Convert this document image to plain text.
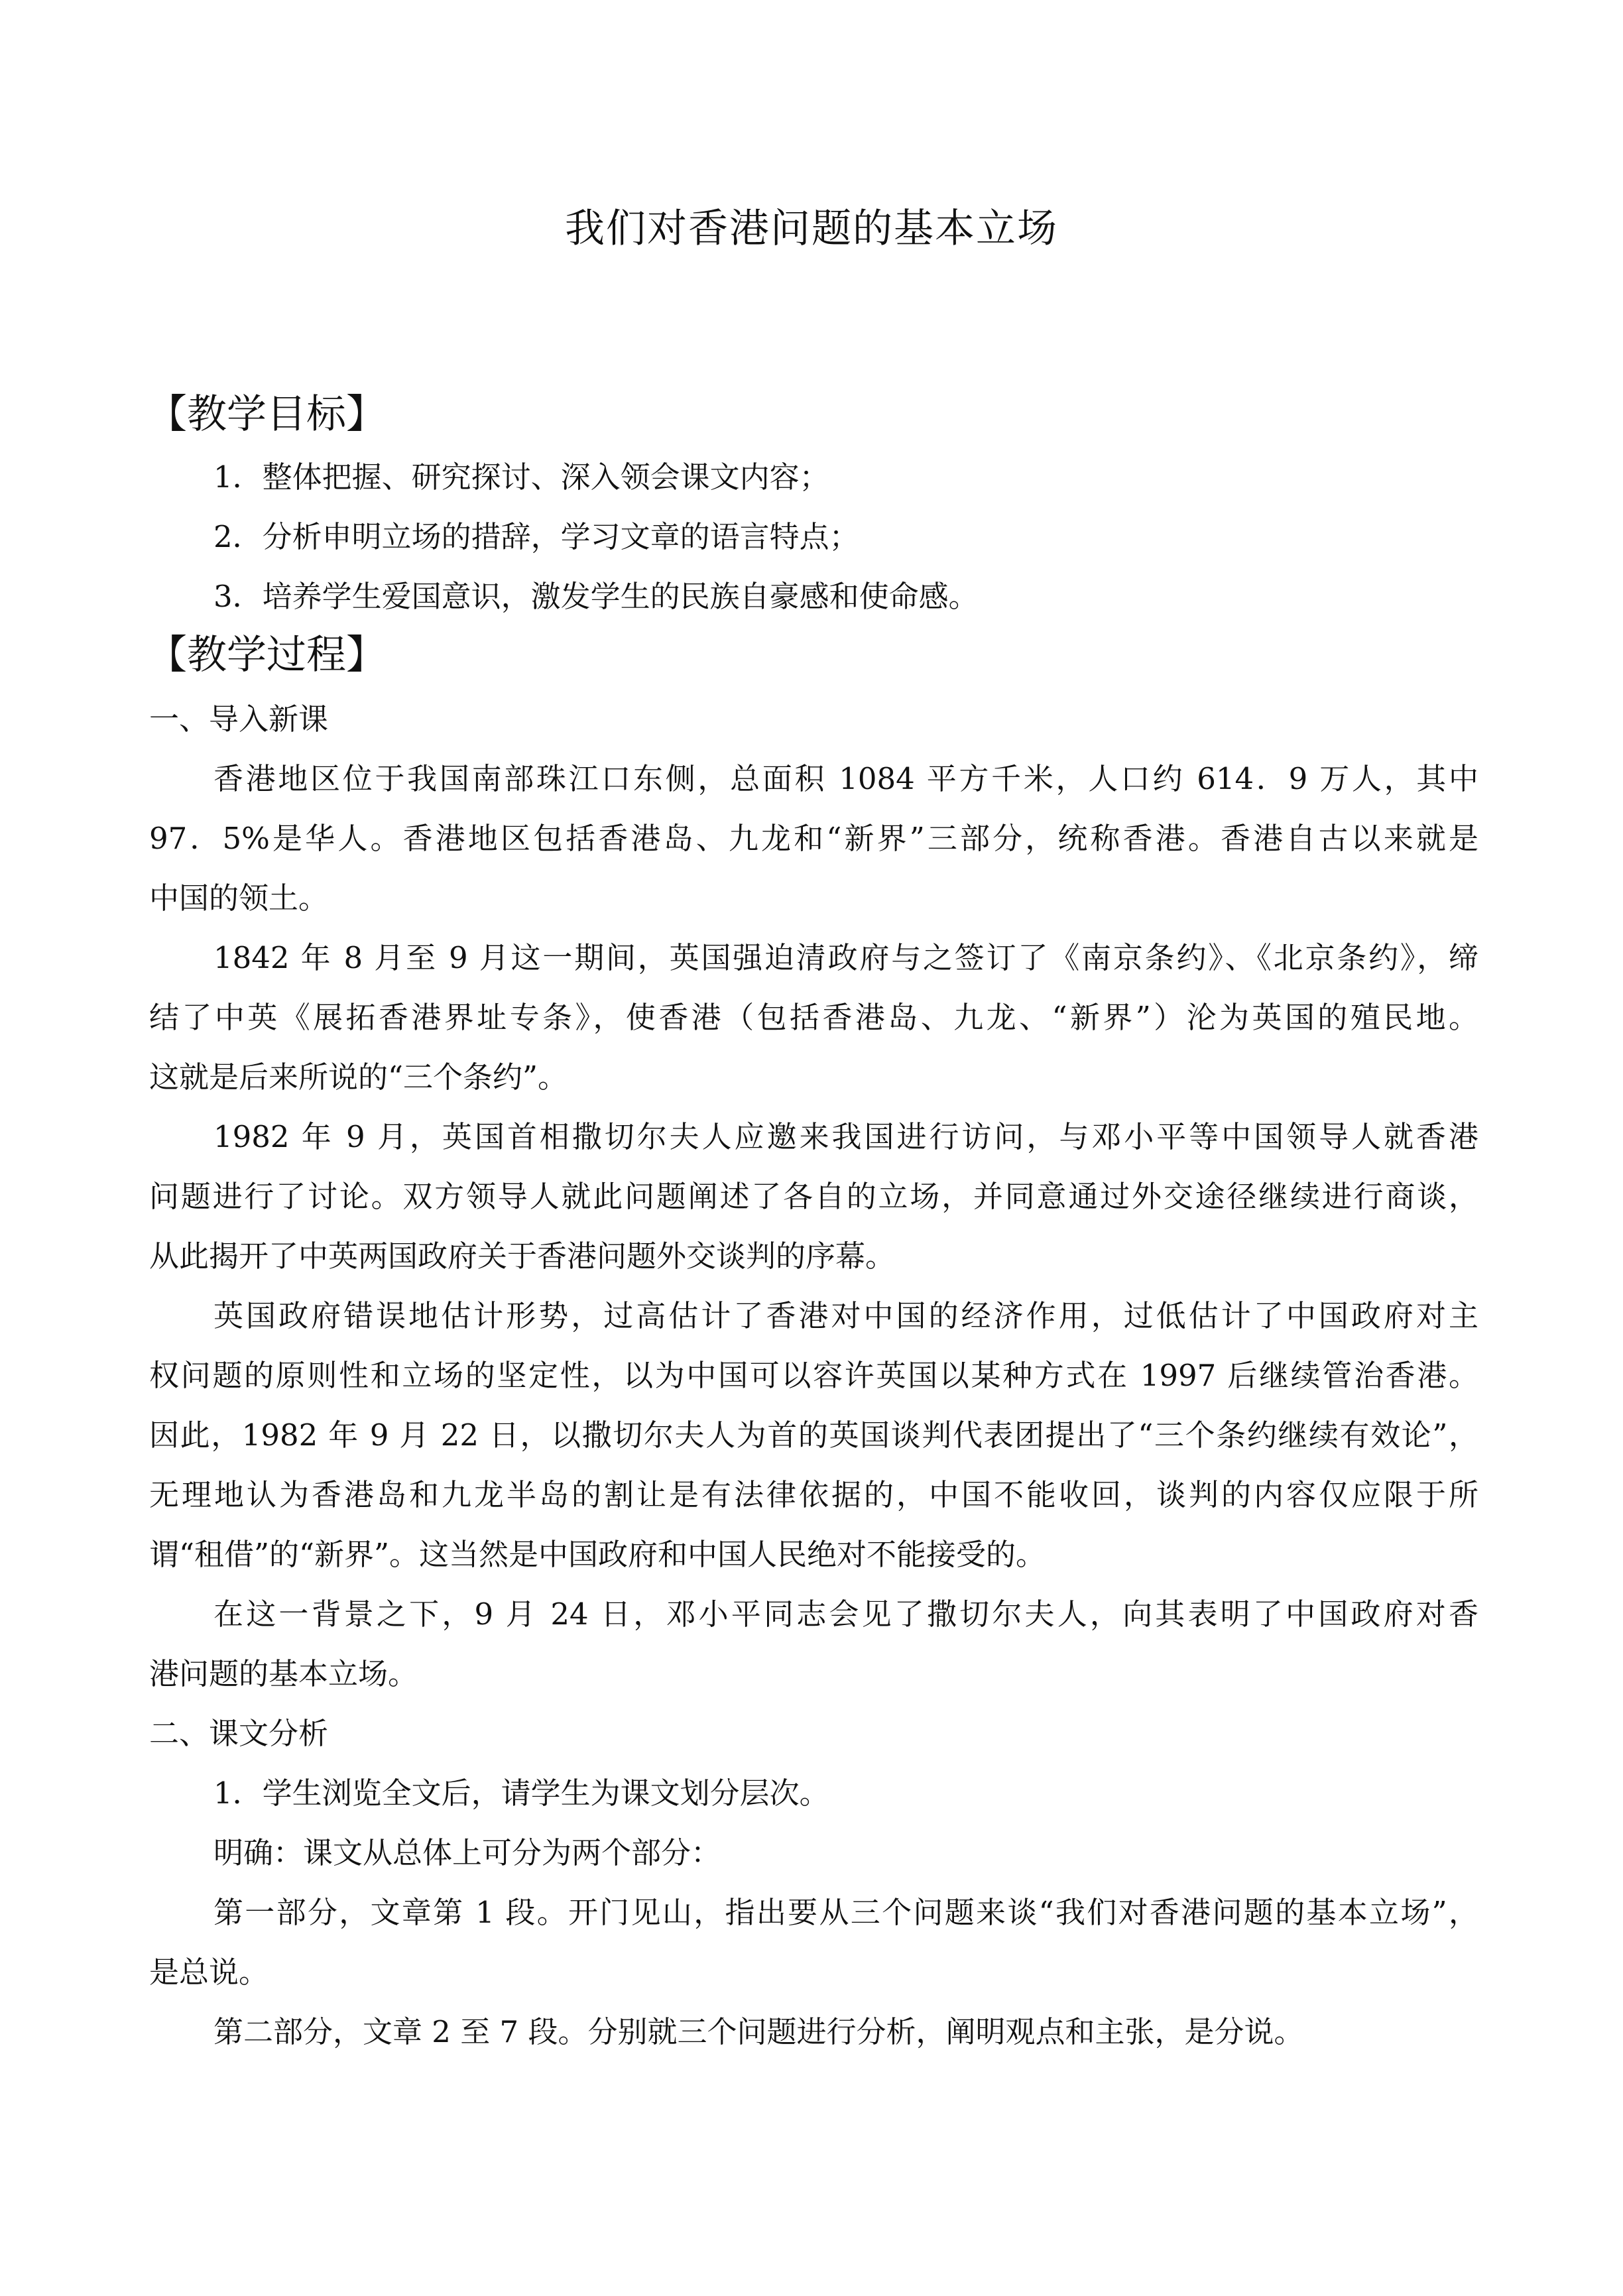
我们对香港问题的基本立场
【教学目标】
1．整体把握、研究探讨、深入领会课文内容；
2．分析申明立场的措辞，学习文章的语言特点；
3．培养学生爱国意识，激发学生的民族自豪感和使命感。
【教学过程】
一、导入新课
香港地区位于我国南部珠江口东侧，总面积 1084 平方千米，人口约 614．9 万人，其中
97．5%是华人。香港地区包括香港岛、九龙和“新界”三部分，统称香港。香港自古以来就是
中国的领土。
1842 年 8 月至 9 月这一期间，英国强迫清政府与之签订了《南京条约》、《北京条约》，缔
结了中英《展拓香港界址专条》，使香港（包括香港岛、九龙、“新界”）沦为英国的殖民地。
这就是后来所说的“三个条约”。
1982 年 9 月，英国首相撒切尔夫人应邀来我国进行访问，与邓小平等中国领导人就香港
问题进行了讨论。双方领导人就此问题阐述了各自的立场，并同意通过外交途径继续进行商谈，
从此揭开了中英两国政府关于香港问题外交谈判的序幕。
英国政府错误地估计形势，过高估计了香港对中国的经济作用，过低估计了中国政府对主
权问题的原则性和立场的坚定性，以为中国可以容许英国以某种方式在 1997 后继续管治香港。
因此，1982 年 9 月 22 日，以撒切尔夫人为首的英国谈判代表团提出了“三个条约继续有效论”，
无理地认为香港岛和九龙半岛的割让是有法律依据的，中国不能收回，谈判的内容仅应限于所
谓“租借”的“新界”。这当然是中国政府和中国人民绝对不能接受的。
在这一背景之下，9 月 24 日，邓小平同志会见了撒切尔夫人，向其表明了中国政府对香
港问题的基本立场。
二、课文分析
1．学生浏览全文后，请学生为课文划分层次。
明确：课文从总体上可分为两个部分：
第一部分，文章第 1 段。开门见山，指出要从三个问题来谈“我们对香港问题的基本立场”，
是总说。
第二部分，文章 2 至 7 段。分别就三个问题进行分析，阐明观点和主张，是分说。
